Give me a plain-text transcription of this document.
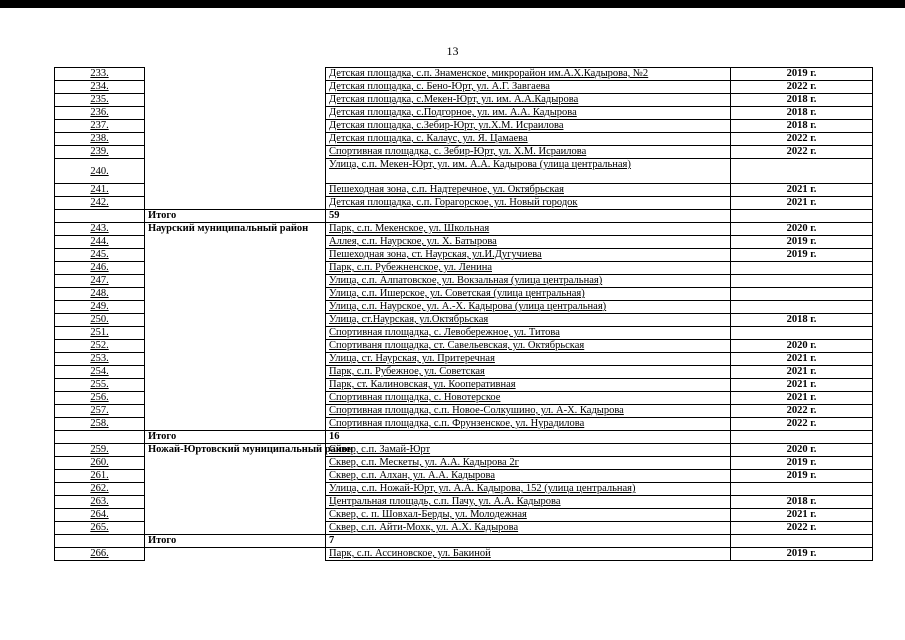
13
233.		Детская площадка, с.п. Знаменское, микрорайон им.А.Х.Кадырова, №2	2019 г.
234.		Детская площадка, с. Бено-Юрт, ул. А.Г. Завгаева	2022 г.
235.		Детская площадка, с.Мекен-Юрт, ул. им. А.А.Кадырова	2018 г.
236.		Детская площадка, с.Подгорное, ул. им. А.А. Кадырова	2018 г.
237.		Детская площадка, с.Зебир-Юрт, ул.Х.М. Исраилова	2018 г.
238.		Детская площадка, с. Калаус, ул. Я. Цамаева	2022 г.
239.		Спортивная площадка, с. Зебир-Юрт, ул. Х.М. Исраилова	2022 г.
240.		Улица, с.п. Мекен-Юрт, ул. им. А.А. Кадырова (улица центральная)	
241.		Пешеходная зона, с.п. Надтеречное, ул. Октябрьская	2021 г.
242.		Детская площадка, с.п. Горагорское, ул. Новый городок	2021 г.
	Итого	59	
243.	Наурский муниципальный район	Парк, с.п. Мекенское, ул. Школьная	2020 г.
244.		Аллея, с.п. Наурское, ул. Х. Батырова	2019 г.
245.		Пешеходная зона, ст. Наурская, ул.И.Дугучиева	2019 г.
246.		Парк, с.п. Рубежненское, ул. Ленина	
247.		Улица, с.п. Алпатовское, ул. Вокзальная (улица центральная)	
248.		Улица, с.п. Ишерское, ул. Советская (улица центральная)	
249.		Улица, с.п. Наурское, ул. А.-Х. Кадырова (улица центральная)	
250.		Улица, ст.Наурская, ул.Октябрьская	2018 г.
251.		Спортивная площадка, с. Левобережное, ул. Титова	
252.		Спортиваня площадка, ст. Савельевская, ул. Октябрьская	2020 г.
253.		Улица, ст. Наурская, ул. Притеречная	2021 г.
254.		Парк, с.п. Рубежное, ул. Советская	2021 г.
255.		Парк, ст. Калиновская, ул. Кооперативная	2021 г.
256.		Спортивная площадка, с. Новотерское	2021 г.
257.		Спортивная площадка, с.п. Новое-Солкушино, ул. А-Х. Кадырова	2022 г.
258.		Спортивная площадка, с.п. Фрунзенское, ул. Нурадилова	2022 г.
	Итого	16	
259.	Ножай-Юртовский муниципальный район	Сквер, с.п. Замай-Юрт	2020 г.
260.		Сквер, с.п. Мескеты, ул. А.А. Кадырова 2г	2019 г.
261.		Сквер, с.п. Алхан, ул. А.А. Кадырова	2019 г.
262.		Улица, с.п. Ножай-Юрт, ул. А.А. Кадырова, 152 (улица центральная)	
263.		Центральная площадь, с.п. Пачу, ул. А.А. Кадырова	2018 г.
264.		Сквер, с. п. Шовхал-Берды, ул. Молодежная	2021 г.
265.		Сквер, с.п. Айти-Мохк, ул. А.Х. Кадырова	2022 г.
	Итого	7	
266.		Парк, с.п. Ассиновское, ул. Бакиной	2019 г.
